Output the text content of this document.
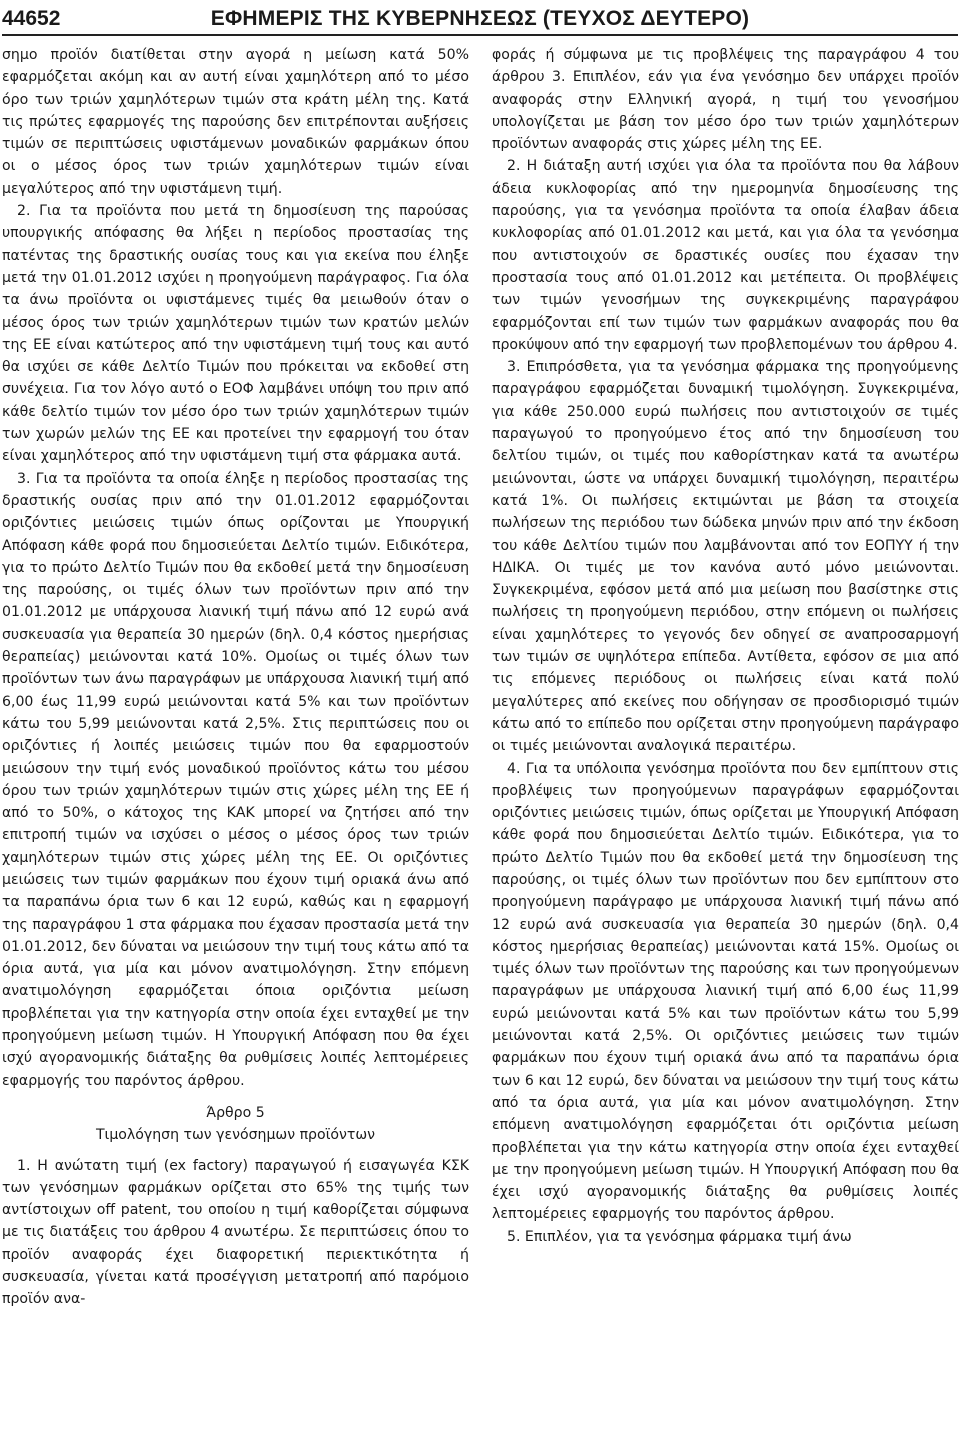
44652	ΕΦΗΜΕΡΙΣ ΤΗΣ ΚΥΒΕΡΝΗΣΕΩΣ (ΤΕΥΧΟΣ ΔΕΥΤΕΡΟ)

σημο προϊόν διατίθεται στην αγορά η μείωση κατά 50% εφαρμόζεται ακόμη και αν αυτή είναι χαμηλότερη από το μέσο όρο των τριών χαμηλότερων τιμών στα κράτη μέλη της. Κατά τις πρώτες εφαρμογές της παρούσης δεν επιτρέπονται αυξήσεις τιμών σε περιπτώσεις υφιστάμενων μοναδικών φαρμάκων όπου οι ο μέσος όρος των τριών χαμηλότερων τιμών είναι μεγαλύτερος από την υφιστάμενη τιμή.

2. Για τα προϊόντα που μετά τη δημοσίευση της παρούσας υπουργικής απόφασης θα λήξει η περίοδος προστασίας της πατέντας της δραστικής ουσίας τους και για εκείνα που έληξε μετά την 01.01.2012 ισχύει η προηγούμενη παράγραφος. Για όλα τα άνω προϊόντα οι υφιστάμενες τιμές θα μειωθούν όταν ο μέσος όρος των τριών χαμηλότερων τιμών των κρατών μελών της ΕΕ είναι κατώτερος από την υφιστάμενη τιμή τους και αυτό θα ισχύει σε κάθε Δελτίο Τιμών που πρόκειται να εκδοθεί στη συνέχεια. Για τον λόγο αυτό ο ΕΟΦ λαμβάνει υπόψη του πριν από κάθε δελτίο τιμών τον μέσο όρο των τριών χαμηλότερων τιμών των χωρών μελών της ΕΕ και προτείνει την εφαρμογή του όταν είναι χαμηλότερος από την υφιστάμενη τιμή στα φάρμακα αυτά.

3. Για τα προϊόντα τα οποία έληξε η περίοδος προστασίας της δραστικής ουσίας πριν από την 01.01.2012 εφαρμόζονται οριζόντιες μειώσεις τιμών όπως ορίζονται με Υπουργική Απόφαση κάθε φορά που δημοσιεύεται Δελτίο τιμών. Ειδικότερα, για το πρώτο Δελτίο Τιμών που θα εκδοθεί μετά την δημοσίευση της παρούσης, οι τιμές όλων των προϊόντων πριν από την 01.01.2012 με υπάρχουσα λιανική τιμή πάνω από 12 ευρώ ανά συσκευασία για θεραπεία 30 ημερών (δηλ. 0,4 κόστος ημερήσιας θεραπείας) μειώνονται κατά 10%. Ομοίως οι τιμές όλων των προϊόντων των άνω παραγράφων με υπάρχουσα λιανική τιμή από 6,00 έως 11,99 ευρώ μειώνονται κατά 5% και των προϊόντων κάτω του 5,99 μειώνονται κατά 2,5%. Στις περιπτώσεις που οι οριζόντιες ή λοιπές μειώσεις τιμών που θα εφαρμοστούν μειώσουν την τιμή ενός μοναδικού προϊόντος κάτω του μέσου όρου των τριών χαμηλότερων τιμών στις χώρες μέλη της ΕΕ ή από το 50%, ο κάτοχος της ΚΑΚ μπορεί να ζητήσει από την επιτροπή τιμών να ισχύσει ο μέσος ο μέσος όρος των τριών χαμηλότερων τιμών στις χώρες μέλη της ΕΕ. Οι οριζόντιες μειώσεις των τιμών φαρμάκων που έχουν τιμή οριακά άνω από τα παραπάνω όρια των 6 και 12 ευρώ, καθώς και η εφαρμογή της παραγράφου 1 στα φάρμακα που έχασαν προστασία μετά την 01.01.2012, δεν δύναται να μειώσουν την τιμή τους κάτω από τα όρια αυτά, για μία και μόνον ανατιμολόγηση. Στην επόμενη ανατιμολόγηση εφαρμόζεται όποια οριζόντια μείωση προβλέπεται για την κατηγορία στην οποία έχει ενταχθεί με την προηγούμενη μείωση τιμών. Η Υπουργική Απόφαση που θα έχει ισχύ αγορανομικής διάταξης θα ρυθμίσεις λοιπές λεπτομέρειες εφαρμογής του παρόντος άρθρου.

Άρθρο 5

Τιμολόγηση των γενόσημων προϊόντων

1. Η ανώτατη τιμή (ex factory) παραγωγού ή εισαγωγέα ΚΣΚ των γενόσημων φαρμάκων ορίζεται στο 65% της τιμής των αντίστοιχων off patent, του οποίου η τιμή καθορίζεται σύμφωνα με τις διατάξεις του άρθρου 4 ανωτέρω. Σε περιπτώσεις όπου το προϊόν αναφοράς έχει διαφορετική περιεκτικότητα ή συσκευασία, γίνεται κατά προσέγγιση μετατροπή από παρόμοιο προϊόν ανα-

φοράς ή σύμφωνα με τις προβλέψεις της παραγράφου 4 του άρθρου 3. Επιπλέον, εάν για ένα γενόσημο δεν υπάρχει προϊόν αναφοράς στην Ελληνική αγορά, η τιμή του γενοσήμου υπολογίζεται με βάση τον μέσο όρο των τριών χαμηλότερων προϊόντων αναφοράς στις χώρες μέλη της ΕΕ.

2. Η διάταξη αυτή ισχύει για όλα τα προϊόντα που θα λάβουν άδεια κυκλοφορίας από την ημερομηνία δημοσίευσης της παρούσης, για τα γενόσημα προϊόντα τα οποία έλαβαν άδεια κυκλοφορίας από 01.01.2012 και μετά, και για όλα τα γενόσημα που αντιστοιχούν σε δραστικές ουσίες που έχασαν την προστασία τους από 01.01.2012 και μετέπειτα. Οι προβλέψεις των τιμών γενοσήμων της συγκεκριμένης παραγράφου εφαρμόζονται επί των τιμών των φαρμάκων αναφοράς που θα προκύψουν από την εφαρμογή των προβλεπομένων του άρθρου 4.

3. Επιπρόσθετα, για τα γενόσημα φάρμακα της προηγούμενης παραγράφου εφαρμόζεται δυναμική τιμολόγηση. Συγκεκριμένα, για κάθε 250.000 ευρώ πωλήσεις που αντιστοιχούν σε τιμές παραγωγού το προηγούμενο έτος από την δημοσίευση του δελτίου τιμών, οι τιμές που καθορίστηκαν κατά τα ανωτέρω μειώνονται, ώστε να υπάρχει δυναμική τιμολόγηση, περαιτέρω κατά 1%. Οι πωλήσεις εκτιμώνται με βάση τα στοιχεία πωλήσεων της περιόδου των δώδεκα μηνών πριν από την έκδοση του κάθε Δελτίου τιμών που λαμβάνονται από τον ΕΟΠΥΥ ή την ΗΔΙΚΑ. Οι τιμές με τον κανόνα αυτό μόνο μειώνονται. Συγκεκριμένα, εφόσον μετά από μια μείωση που βασίστηκε στις πωλήσεις τη προηγούμενη περιόδου, στην επόμενη οι πωλήσεις είναι χαμηλότερες το γεγονός δεν οδηγεί σε αναπροσαρμογή των τιμών σε υψηλότερα επίπεδα. Αντίθετα, εφόσον σε μια από τις επόμενες περιόδους οι πωλήσεις είναι κατά πολύ μεγαλύτερες από εκείνες που οδήγησαν σε προσδιορισμό τιμών κάτω από το επίπεδο που ορίζεται στην προηγούμενη παράγραφο οι τιμές μειώνονται αναλογικά περαιτέρω.

4. Για τα υπόλοιπα γενόσημα προϊόντα που δεν εμπίπτουν στις προβλέψεις των προηγούμενων παραγράφων εφαρμόζονται οριζόντιες μειώσεις τιμών, όπως ορίζεται με Υπουργική Απόφαση κάθε φορά που δημοσιεύεται Δελτίο τιμών. Ειδικότερα, για το πρώτο Δελτίο Τιμών που θα εκδοθεί μετά την δημοσίευση της παρούσης, οι τιμές όλων των προϊόντων που δεν εμπίπτουν στο προηγούμενη παράγραφο με υπάρχουσα λιανική τιμή πάνω από 12 ευρώ ανά συσκευασία για θεραπεία 30 ημερών (δηλ. 0,4 κόστος ημερήσιας θεραπείας) μειώνονται κατά 15%. Ομοίως οι τιμές όλων των προϊόντων της παρούσης και των προηγούμενων παραγράφων με υπάρχουσα λιανική τιμή από 6,00 έως 11,99 ευρώ μειώνονται κατά 5% και των προϊόντων κάτω του 5,99 μειώνονται κατά 2,5%. Οι οριζόντιες μειώσεις των τιμών φαρμάκων που έχουν τιμή οριακά άνω από τα παραπάνω όρια των 6 και 12 ευρώ, δεν δύναται να μειώσουν την τιμή τους κάτω από τα όρια αυτά, για μία και μόνον ανατιμολόγηση. Στην επόμενη ανατιμολόγηση εφαρμόζεται ότι οριζόντια μείωση προβλέπεται για την κάτω κατηγορία στην οποία έχει ενταχθεί με την προηγούμενη μείωση τιμών. Η Υπουργική Απόφαση που θα έχει ισχύ αγορανομικής διάταξης θα ρυθμίσεις λοιπές λεπτομέρειες εφαρμογής του παρόντος άρθρου.

5. Επιπλέον, για τα γενόσημα φάρμακα τιμή άνω
